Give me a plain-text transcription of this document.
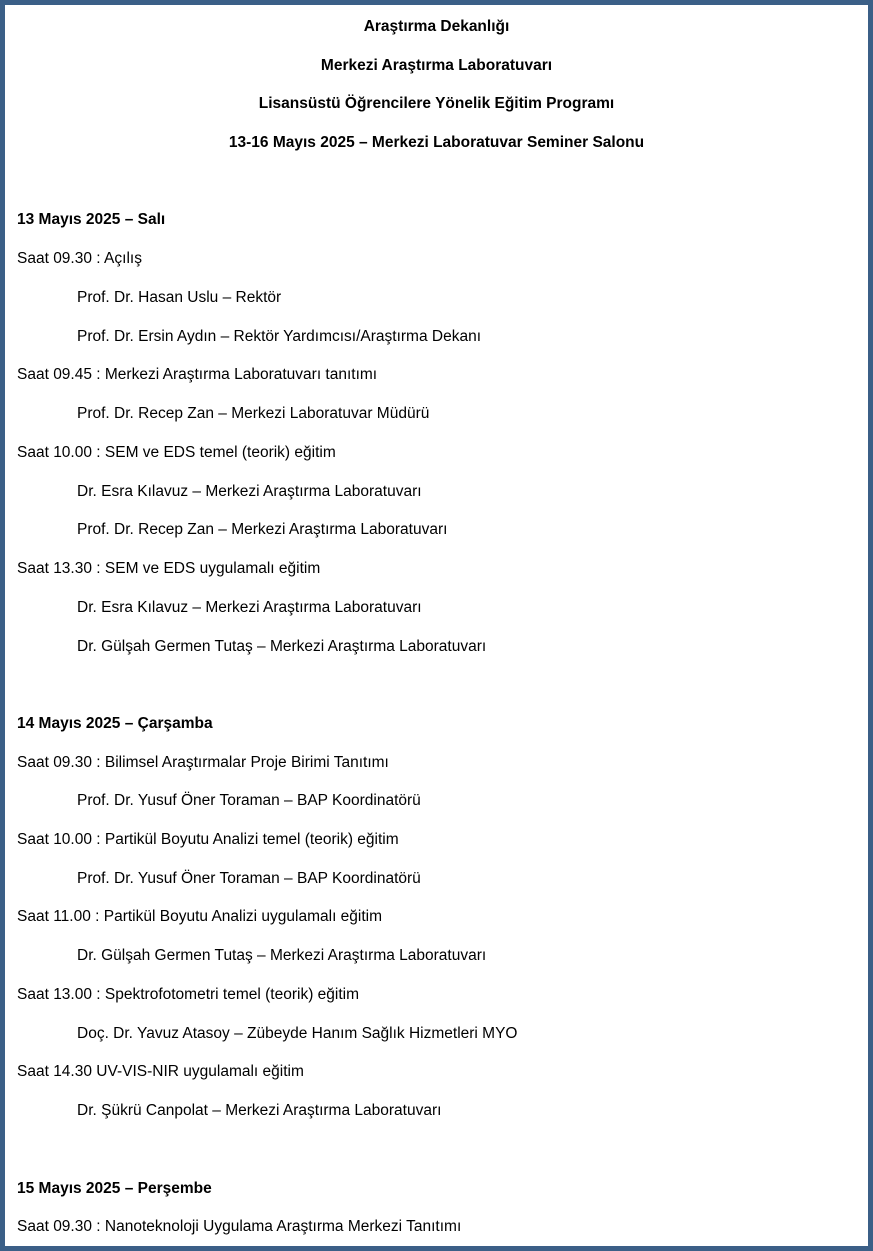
Araştırma Dekanlığı
Merkezi Araştırma Laboratuvarı
Lisansüstü Öğrencilere Yönelik Eğitim Programı
13-16 Mayıs 2025 – Merkezi Laboratuvar Seminer Salonu
13 Mayıs 2025 – Salı
Saat 09.30 : Açılış
Prof. Dr. Hasan Uslu – Rektör
Prof. Dr. Ersin Aydın – Rektör Yardımcısı/Araştırma Dekanı
Saat 09.45 : Merkezi Araştırma Laboratuvarı tanıtımı
Prof. Dr. Recep Zan – Merkezi Laboratuvar Müdürü
Saat 10.00 : SEM ve EDS temel (teorik) eğitim
Dr. Esra Kılavuz – Merkezi Araştırma Laboratuvarı
Prof. Dr. Recep Zan – Merkezi Araştırma Laboratuvarı
Saat 13.30 : SEM ve EDS uygulamalı eğitim
Dr. Esra Kılavuz – Merkezi Araştırma Laboratuvarı
Dr. Gülşah Germen Tutaş – Merkezi Araştırma Laboratuvarı
14 Mayıs 2025 – Çarşamba
Saat 09.30 : Bilimsel Araştırmalar Proje Birimi Tanıtımı
Prof. Dr. Yusuf Öner Toraman – BAP Koordinatörü
Saat 10.00 : Partikül Boyutu Analizi temel (teorik) eğitim
Prof. Dr. Yusuf Öner Toraman – BAP Koordinatörü
Saat 11.00 : Partikül Boyutu Analizi uygulamalı eğitim
Dr. Gülşah Germen Tutaş – Merkezi Araştırma Laboratuvarı
Saat 13.00 : Spektrofotometri temel (teorik) eğitim
Doç. Dr. Yavuz Atasoy – Zübeyde Hanım Sağlık Hizmetleri MYO
Saat 14.30 UV-VIS-NIR uygulamalı eğitim
Dr. Şükrü Canpolat – Merkezi Araştırma Laboratuvarı
15 Mayıs 2025 – Perşembe
Saat 09.30 : Nanoteknoloji Uygulama Araştırma Merkezi Tanıtımı
